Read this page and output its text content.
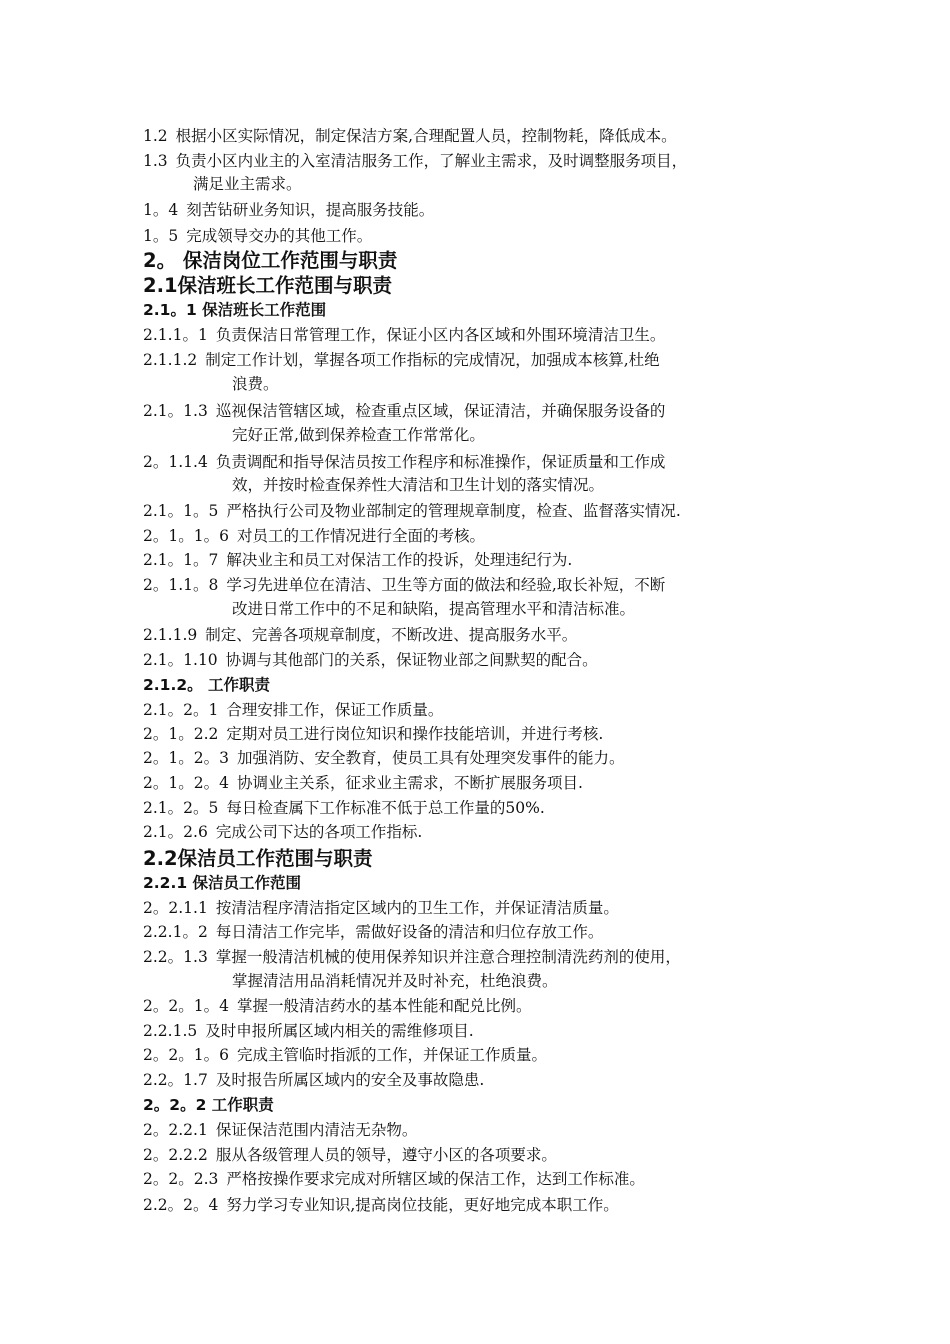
1.2 根据小区实际情况，制定保洁方案,合理配置人员，控制物耗，降低成本。
1.3 负责小区内业主的入室清洁服务工作，了解业主需求，及时调整服务项目，
满足业主需求。
1。4 刻苦钻研业务知识，提高服务技能。
1。5 完成领导交办的其他工作。
2。 保洁岗位工作范围与职责
2.1保洁班长工作范围与职责
2.1。1 保洁班长工作范围
2.1.1。1 负责保洁日常管理工作，保证小区内各区域和外围环境清洁卫生。
2.1.1.2 制定工作计划，掌握各项工作指标的完成情况，加强成本核算,杜绝
浪费。
2.1。1.3 巡视保洁管辖区域，检查重点区域，保证清洁，并确保服务设备的
完好正常,做到保养检查工作常常化。
2。1.1.4 负责调配和指导保洁员按工作程序和标准操作，保证质量和工作成
效，并按时检查保养性大清洁和卫生计划的落实情况。
2.1。1。5 严格执行公司及物业部制定的管理规章制度，检查、监督落实情况.
2。1。1。6 对员工的工作情况进行全面的考核。
2.1。1。7 解决业主和员工对保洁工作的投诉，处理违纪行为.
2。1.1。8 学习先进单位在清洁、卫生等方面的做法和经验,取长补短，不断
改进日常工作中的不足和缺陷，提高管理水平和清洁标准。
2.1.1.9 制定、完善各项规章制度，不断改进、提高服务水平。
2.1。1.10 协调与其他部门的关系，保证物业部之间默契的配合。
2.1.2。 工作职责
2.1。2。1 合理安排工作，保证工作质量。
2。1。2.2 定期对员工进行岗位知识和操作技能培训，并进行考核.
2。1。2。3 加强消防、安全教育，使员工具有处理突发事件的能力。
2。1。2。4 协调业主关系，征求业主需求，不断扩展服务项目.
2.1。2。5 每日检查属下工作标准不低于总工作量的50%.
2.1。2.6 完成公司下达的各项工作指标.
2.2保洁员工作范围与职责
2.2.1 保洁员工作范围
2。2.1.1 按清洁程序清洁指定区域内的卫生工作，并保证清洁质量。
2.2.1。2 每日清洁工作完毕，需做好设备的清洁和归位存放工作。
2.2。1.3 掌握一般清洁机械的使用保养知识并注意合理控制清洗药剂的使用，
掌握清洁用品消耗情况并及时补充，杜绝浪费。
2。2。1。4 掌握一般清洁药水的基本性能和配兑比例。
2.2.1.5 及时申报所属区域内相关的需维修项目.
2。2。1。6 完成主管临时指派的工作，并保证工作质量。
2.2。1.7 及时报告所属区域内的安全及事故隐患.
2。2。2 工作职责
2。2.2.1 保证保洁范围内清洁无杂物。
2。2.2.2 服从各级管理人员的领导，遵守小区的各项要求。
2。2。2.3 严格按操作要求完成对所辖区域的保洁工作，达到工作标准。
2.2。2。4 努力学习专业知识,提高岗位技能，更好地完成本职工作。
